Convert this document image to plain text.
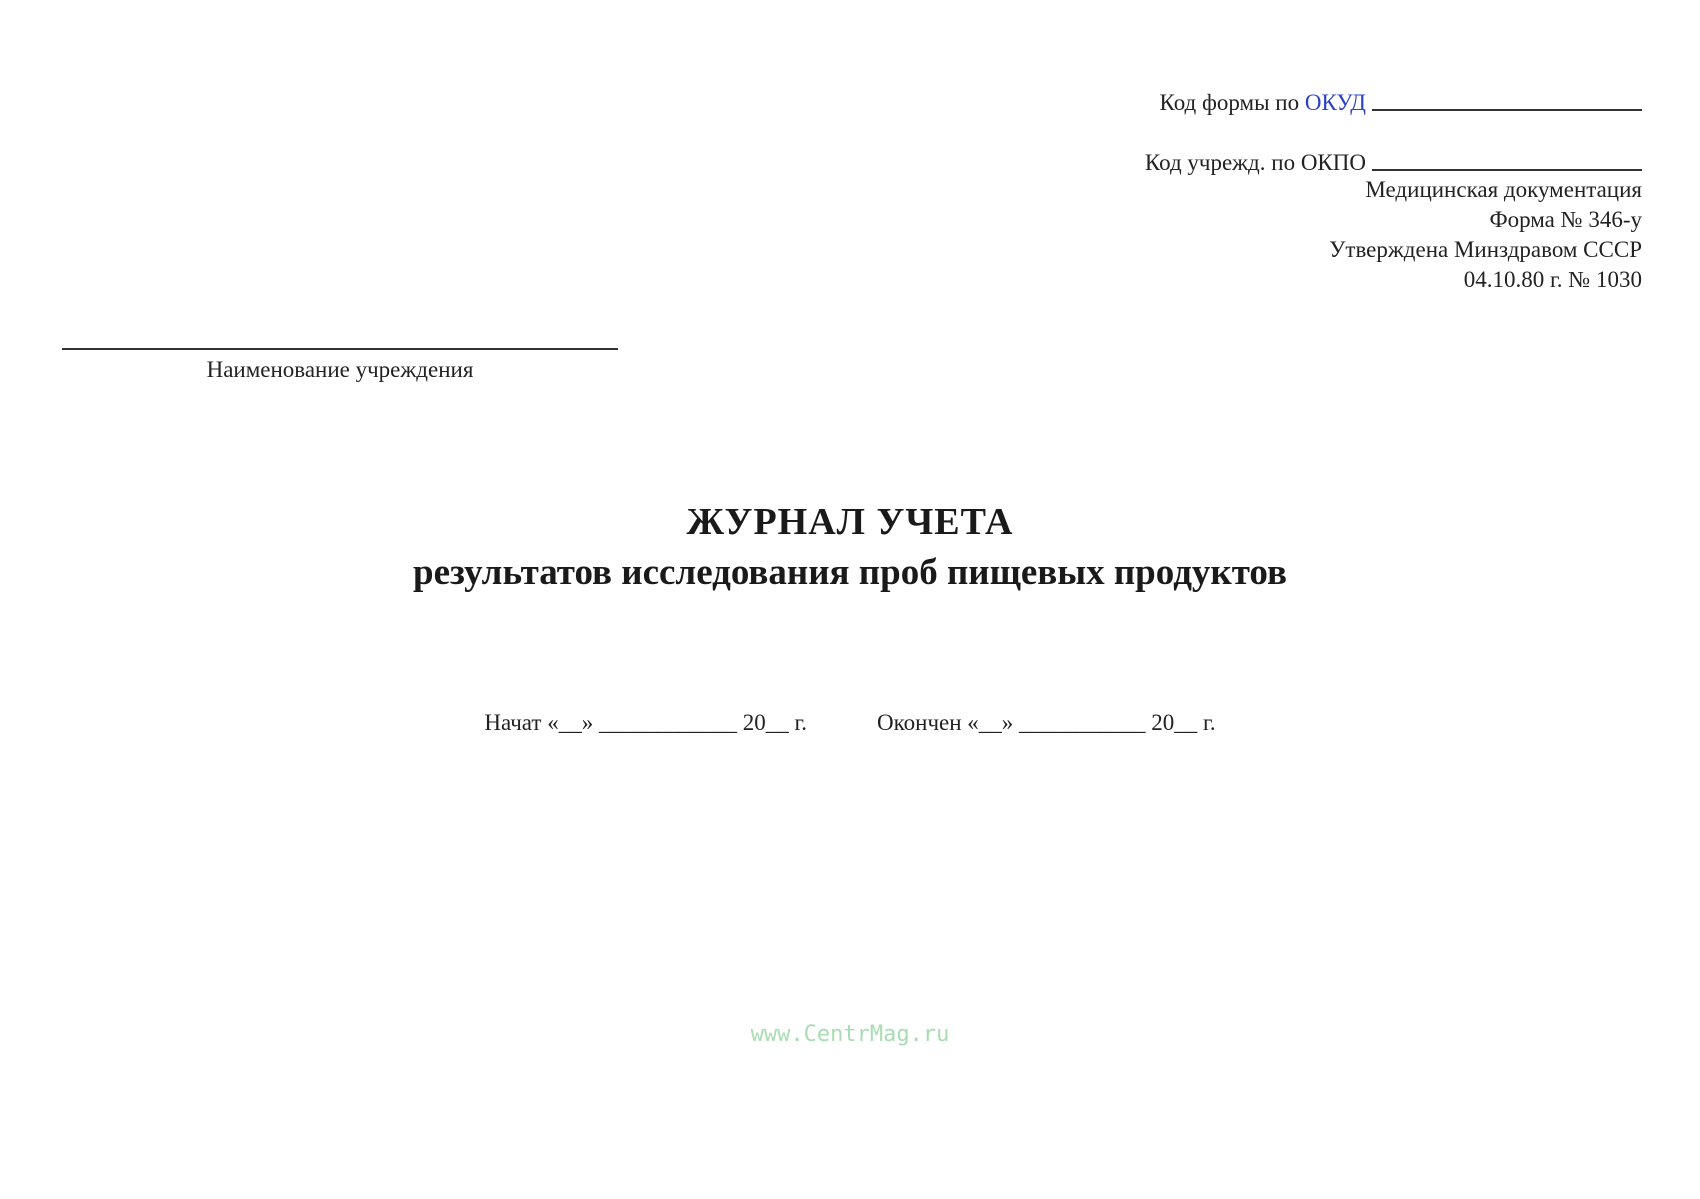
Код формы по ОКУД
Код учрежд. по ОКПО
Медицинская документация
Форма № 346-у
Утверждена Минздравом СССР
04.10.80 г. № 1030
Наименование учреждения
ЖУРНАЛ УЧЕТА
результатов исследования проб пищевых продуктов
Начат «__» ____________ 20__ г.	Окончен «__» ___________ 20__ г.
www.CentrMag.ru
